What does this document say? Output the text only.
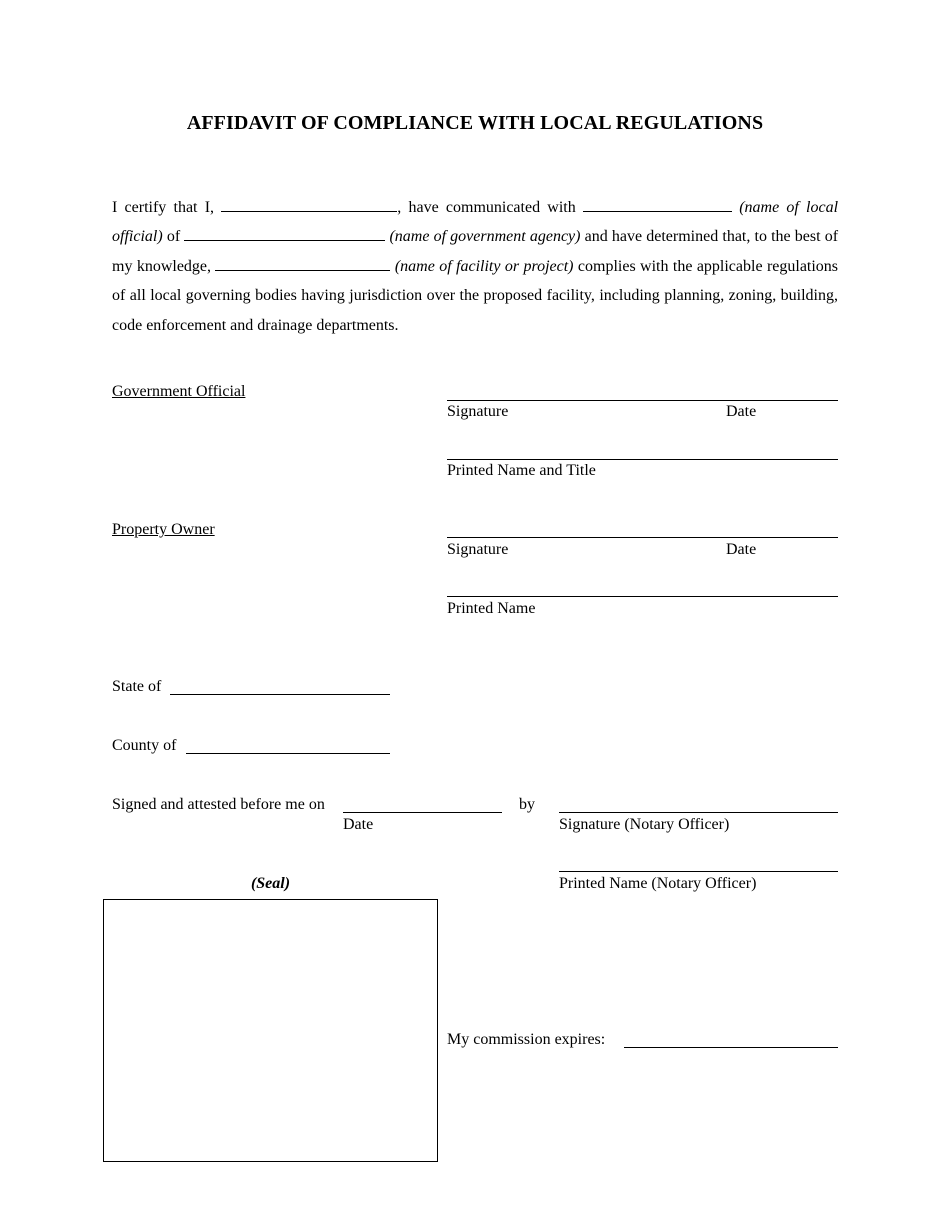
AFFIDAVIT OF COMPLIANCE WITH LOCAL REGULATIONS
I certify that I,	, have communicated with	(name of local official) of	(name of government agency) and have determined that, to the best of my knowledge,	(name of facility or project) complies with the applicable regulations of all local governing bodies having jurisdiction over the proposed facility, including planning, zoning, building, code enforcement and drainage departments.
Government Official
Signature	Date
Printed Name and Title
Property Owner
Signature	Date
Printed Name
State of
County of
Signed and attested before me on
Date
by
Signature (Notary Officer)
(Seal)	Printed Name (Notary Officer)
My commission expires:
